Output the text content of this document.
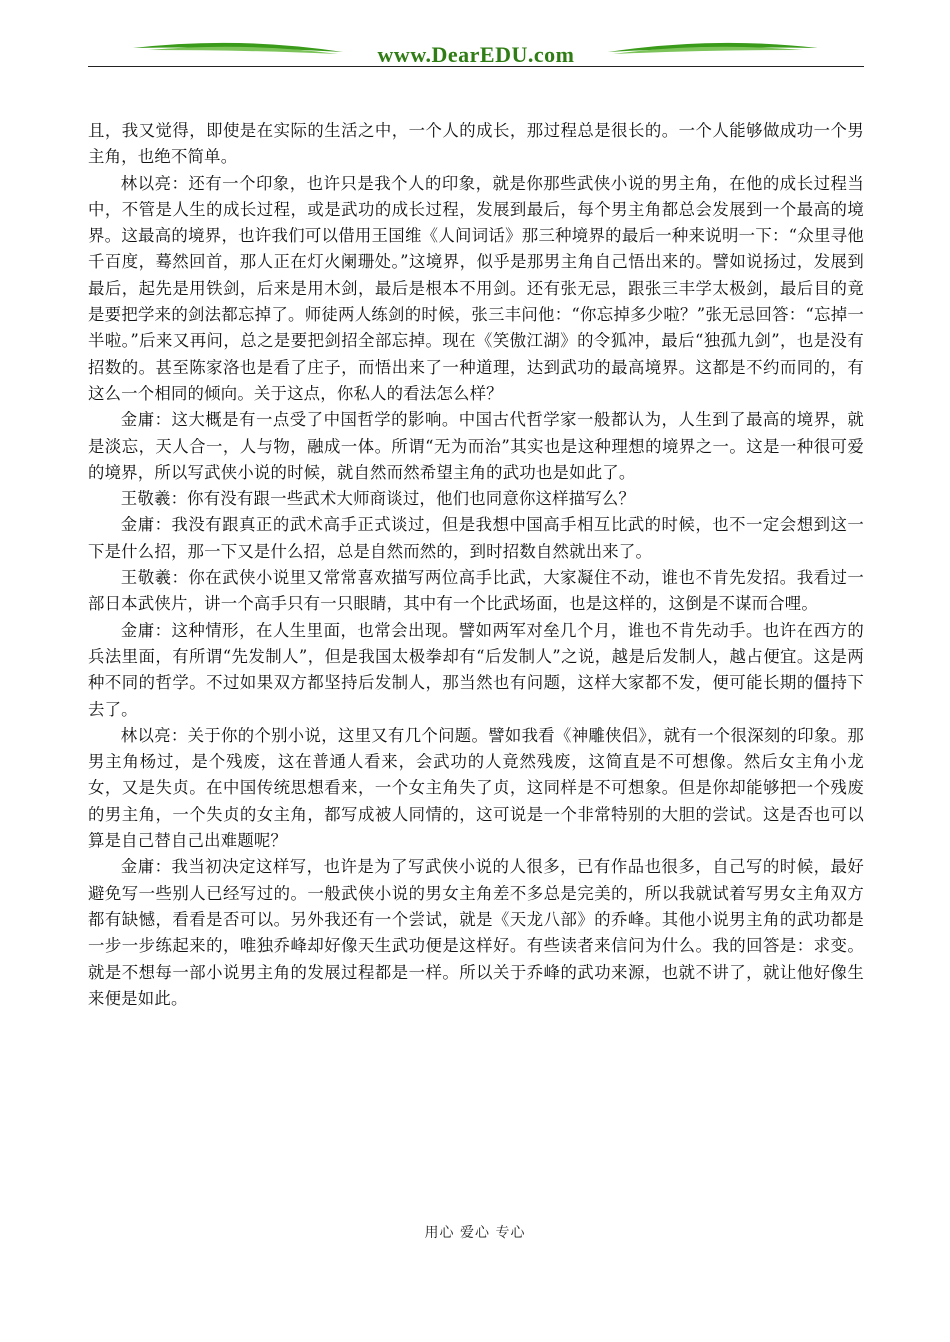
www.DearEDU.com

且，我又觉得，即使是在实际的生活之中，一个人的成长，那过程总是很长的。一个人能够做成功一个男主角，也绝不简单。

林以亮：还有一个印象，也许只是我个人的印象，就是你那些武侠小说的男主角，在他的成长过程当中，不管是人生的成长过程，或是武功的成长过程，发展到最后，每个男主角都总会发展到一个最高的境界。这最高的境界，也许我们可以借用王国维《人间词话》那三种境界的最后一种来说明一下：“众里寻他千百度，蓦然回首，那人正在灯火阑珊处。”这境界，似乎是那男主角自己悟出来的。譬如说扬过，发展到最后，起先是用铁剑，后来是用木剑，最后是根本不用剑。还有张无忌，跟张三丰学太极剑，最后目的竟是要把学来的剑法都忘掉了。师徒两人练剑的时候，张三丰问他：“你忘掉多少啦？”张无忌回答：“忘掉一半啦。”后来又再问，总之是要把剑招全部忘掉。现在《笑傲江湖》的令狐冲，最后“独孤九剑”，也是没有招数的。甚至陈家洛也是看了庄子，而悟出来了一种道理，达到武功的最高境界。这都是不约而同的，有这么一个相同的倾向。关于这点，你私人的看法怎么样？

金庸：这大概是有一点受了中国哲学的影响。中国古代哲学家一般都认为，人生到了最高的境界，就是淡忘，天人合一，人与物，融成一体。所谓“无为而治”其实也是这种理想的境界之一。这是一种很可爱的境界，所以写武侠小说的时候，就自然而然希望主角的武功也是如此了。

王敬羲：你有没有跟一些武术大师商谈过，他们也同意你这样描写么？

金庸：我没有跟真正的武术高手正式谈过，但是我想中国高手相互比武的时候，也不一定会想到这一下是什么招，那一下又是什么招，总是自然而然的，到时招数自然就出来了。

王敬羲：你在武侠小说里又常常喜欢描写两位高手比武，大家凝住不动，谁也不肯先发招。我看过一部日本武侠片，讲一个高手只有一只眼睛，其中有一个比武场面，也是这样的，这倒是不谋而合哩。

金庸：这种情形，在人生里面，也常会出现。譬如两军对垒几个月，谁也不肯先动手。也许在西方的兵法里面，有所谓“先发制人”，但是我国太极拳却有“后发制人”之说，越是后发制人，越占便宜。这是两种不同的哲学。不过如果双方都坚持后发制人，那当然也有问题，这样大家都不发，便可能长期的僵持下去了。

林以亮：关于你的个别小说，这里又有几个问题。譬如我看《神雕侠侣》，就有一个很深刻的印象。那男主角杨过，是个残废，这在普通人看来，会武功的人竟然残废，这简直是不可想像。然后女主角小龙女，又是失贞。在中国传统思想看来，一个女主角失了贞，这同样是不可想象。但是你却能够把一个残废的男主角，一个失贞的女主角，都写成被人同情的，这可说是一个非常特别的大胆的尝试。这是否也可以算是自己替自己出难题呢？

金庸：我当初决定这样写，也许是为了写武侠小说的人很多，已有作品也很多，自己写的时候，最好避免写一些别人已经写过的。一般武侠小说的男女主角差不多总是完美的，所以我就试着写男女主角双方都有缺憾，看看是否可以。另外我还有一个尝试，就是《天龙八部》的乔峰。其他小说男主角的武功都是一步一步练起来的，唯独乔峰却好像天生武功便是这样好。有些读者来信问为什么。我的回答是：求变。就是不想每一部小说男主角的发展过程都是一样。所以关于乔峰的武功来源，也就不讲了，就让他好像生来便是如此。

用心 爱心 专心
